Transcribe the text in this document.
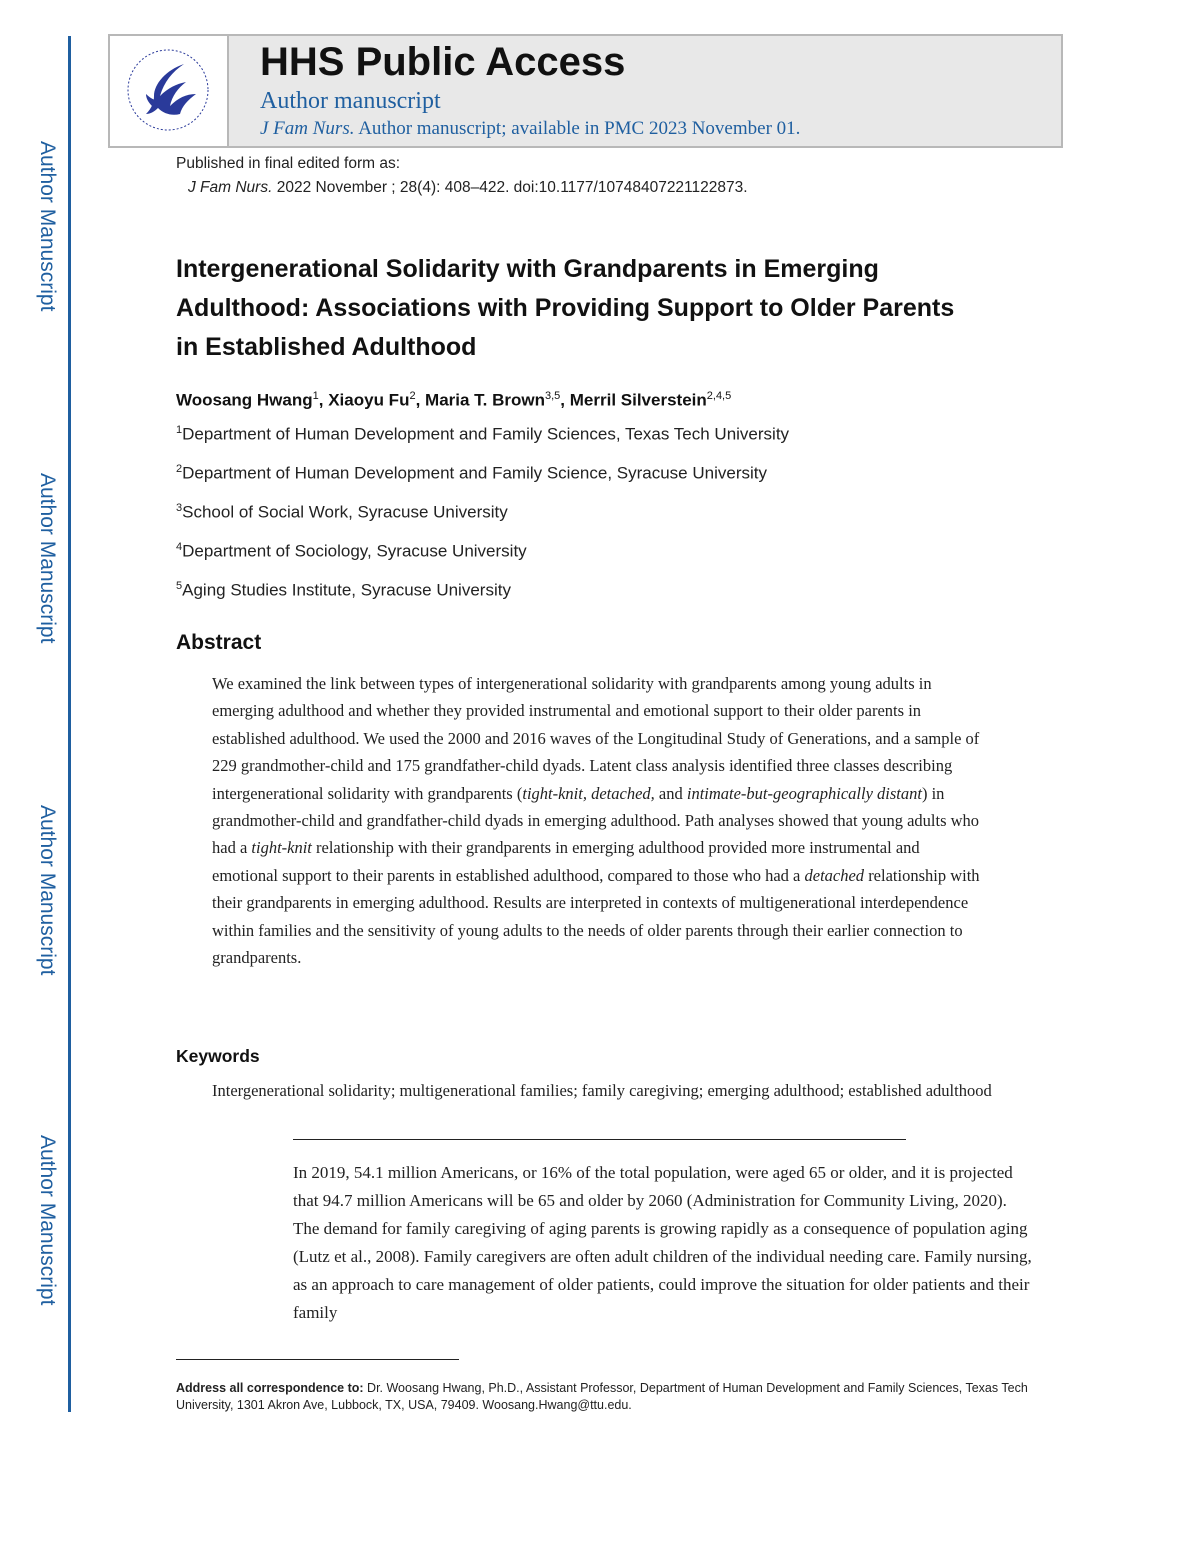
Author Manuscript
Author Manuscript
Author Manuscript
Author Manuscript
HHS Public Access
Author manuscript
J Fam Nurs. Author manuscript; available in PMC 2023 November 01.
Published in final edited form as:
J Fam Nurs. 2022 November ; 28(4): 408–422. doi:10.1177/10748407221122873.
Intergenerational Solidarity with Grandparents in Emerging Adulthood: Associations with Providing Support to Older Parents in Established Adulthood
Woosang Hwang$^1$, Xiaoyu Fu$^2$, Maria T. Brown$^{3,5}$, Merril Silverstein$^{2,4,5}$
$^1$Department of Human Development and Family Sciences, Texas Tech University
$^2$Department of Human Development and Family Science, Syracuse University
$^3$School of Social Work, Syracuse University
$^4$Department of Sociology, Syracuse University
$^5$Aging Studies Institute, Syracuse University
Abstract
We examined the link between types of intergenerational solidarity with grandparents among young adults in emerging adulthood and whether they provided instrumental and emotional support to their older parents in established adulthood. We used the 2000 and 2016 waves of the Longitudinal Study of Generations, and a sample of 229 grandmother-child and 175 grandfather-child dyads. Latent class analysis identified three classes describing intergenerational solidarity with grandparents (tight-knit, detached, and intimate-but-geographically distant) in grandmother-child and grandfather-child dyads in emerging adulthood. Path analyses showed that young adults who had a tight-knit relationship with their grandparents in emerging adulthood provided more instrumental and emotional support to their parents in established adulthood, compared to those who had a detached relationship with their grandparents in emerging adulthood. Results are interpreted in contexts of multigenerational interdependence within families and the sensitivity of young adults to the needs of older parents through their earlier connection to grandparents.
Keywords
Intergenerational solidarity; multigenerational families; family caregiving; emerging adulthood; established adulthood
In 2019, 54.1 million Americans, or 16% of the total population, were aged 65 or older, and it is projected that 94.7 million Americans will be 65 and older by 2060 (Administration for Community Living, 2020). The demand for family caregiving of aging parents is growing rapidly as a consequence of population aging (Lutz et al., 2008). Family caregivers are often adult children of the individual needing care. Family nursing, as an approach to care management of older patients, could improve the situation for older patients and their family
Address all correspondence to: Dr. Woosang Hwang, Ph.D., Assistant Professor, Department of Human Development and Family Sciences, Texas Tech University, 1301 Akron Ave, Lubbock, TX, USA, 79409. Woosang.Hwang@ttu.edu.
